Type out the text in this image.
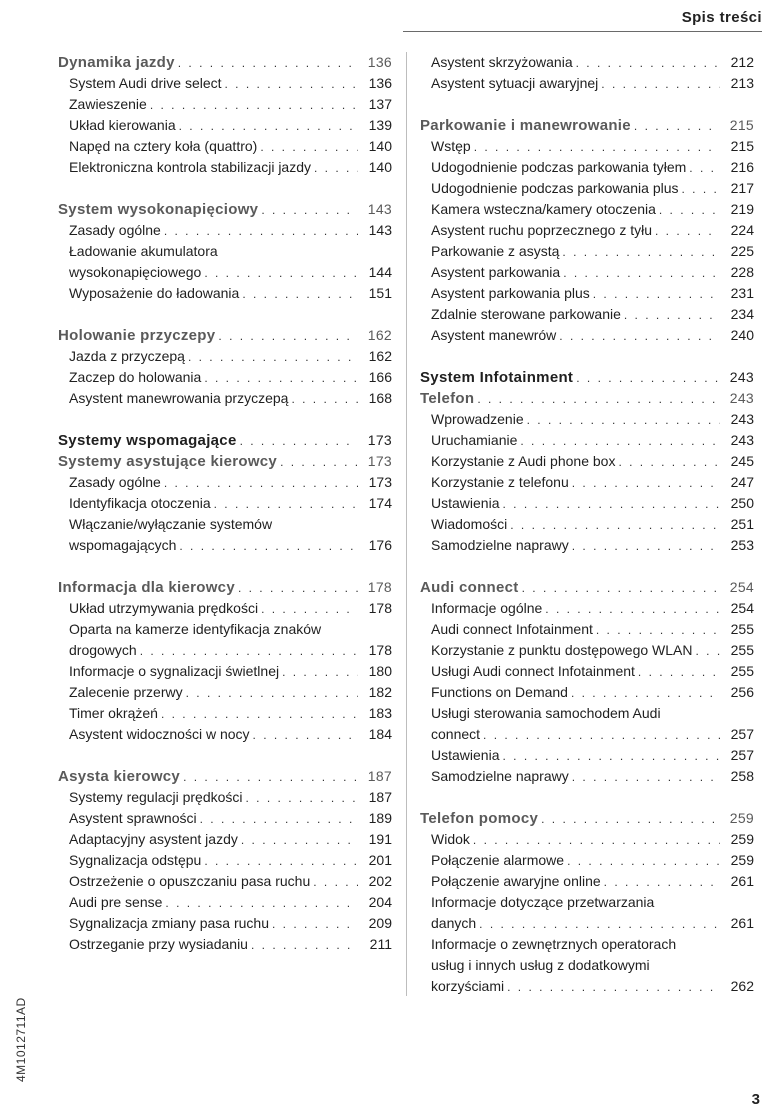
Spis treści
Dynamika jazdy . . .	136
System Audi drive select . . .	136
Zawieszenie . . .	137
Układ kierowania . . .	139
Napęd na cztery koła (quattro) . . .	140
Elektroniczna kontrola stabilizacji jazdy . . .	140
System wysokonapięciowy . . .	143
Zasady ogólne . . .	143
Ładowanie akumulatora
wysokonapięciowego . . .	144
Wyposażenie do ładowania . . .	151
Holowanie przyczepy . . .	162
Jazda z przyczepą . . .	162
Zaczep do holowania . . .	166
Asystent manewrowania przyczepą . . .	168
Systemy wspomagające . . .	173
Systemy asystujące kierowcy . . .	173
Zasady ogólne . . .	173
Identyfikacja otoczenia . . .	174
Włączanie/wyłączanie systemów
wspomagających . . .	176
Informacja dla kierowcy . . .	178
Układ utrzymywania prędkości . . .	178
Oparta na kamerze identyfikacja znaków
drogowych . . .	178
Informacje o sygnalizacji świetlnej . . .	180
Zalecenie przerwy . . .	182
Timer okrążeń . . .	183
Asystent widoczności w nocy . . .	184
Asysta kierowcy . . .	187
Systemy regulacji prędkości . . .	187
Asystent sprawności . . .	189
Adaptacyjny asystent jazdy . . .	191
Sygnalizacja odstępu . . .	201
Ostrzeżenie o opuszczaniu pasa ruchu . . .	202
Audi pre sense . . .	204
Sygnalizacja zmiany pasa ruchu . . .	209
Ostrzeganie przy wysiadaniu . . .	211
Asystent skrzyżowania . . .	212
Asystent sytuacji awaryjnej . . .	213
Parkowanie i manewrowanie . . .	215
Wstęp . . .	215
Udogodnienie podczas parkowania tyłem . . .	216
Udogodnienie podczas parkowania plus . . .	217
Kamera wsteczna/kamery otoczenia . . .	219
Asystent ruchu poprzecznego z tyłu . . .	224
Parkowanie z asystą . . .	225
Asystent parkowania . . .	228
Asystent parkowania plus . . .	231
Zdalnie sterowane parkowanie . . .	234
Asystent manewrów . . .	240
System Infotainment . . .	243
Telefon . . .	243
Wprowadzenie . . .	243
Uruchamianie . . .	243
Korzystanie z Audi phone box . . .	245
Korzystanie z telefonu . . .	247
Ustawienia . . .	250
Wiadomości . . .	251
Samodzielne naprawy . . .	253
Audi connect . . .	254
Informacje ogólne . . .	254
Audi connect Infotainment . . .	255
Korzystanie z punktu dostępowego WLAN . . .	255
Usługi Audi connect Infotainment . . .	255
Functions on Demand . . .	256
Usługi sterowania samochodem Audi
connect . . .	257
Ustawienia . . .	257
Samodzielne naprawy . . .	258
Telefon pomocy . . .	259
Widok . . .	259
Połączenie alarmowe . . .	259
Połączenie awaryjne online . . .	261
Informacje dotyczące przetwarzania
danych . . .	261
Informacje o zewnętrznych operatorach
usług i innych usług z dodatkowymi
korzyściami . . .	262
4M1012711AD
3
